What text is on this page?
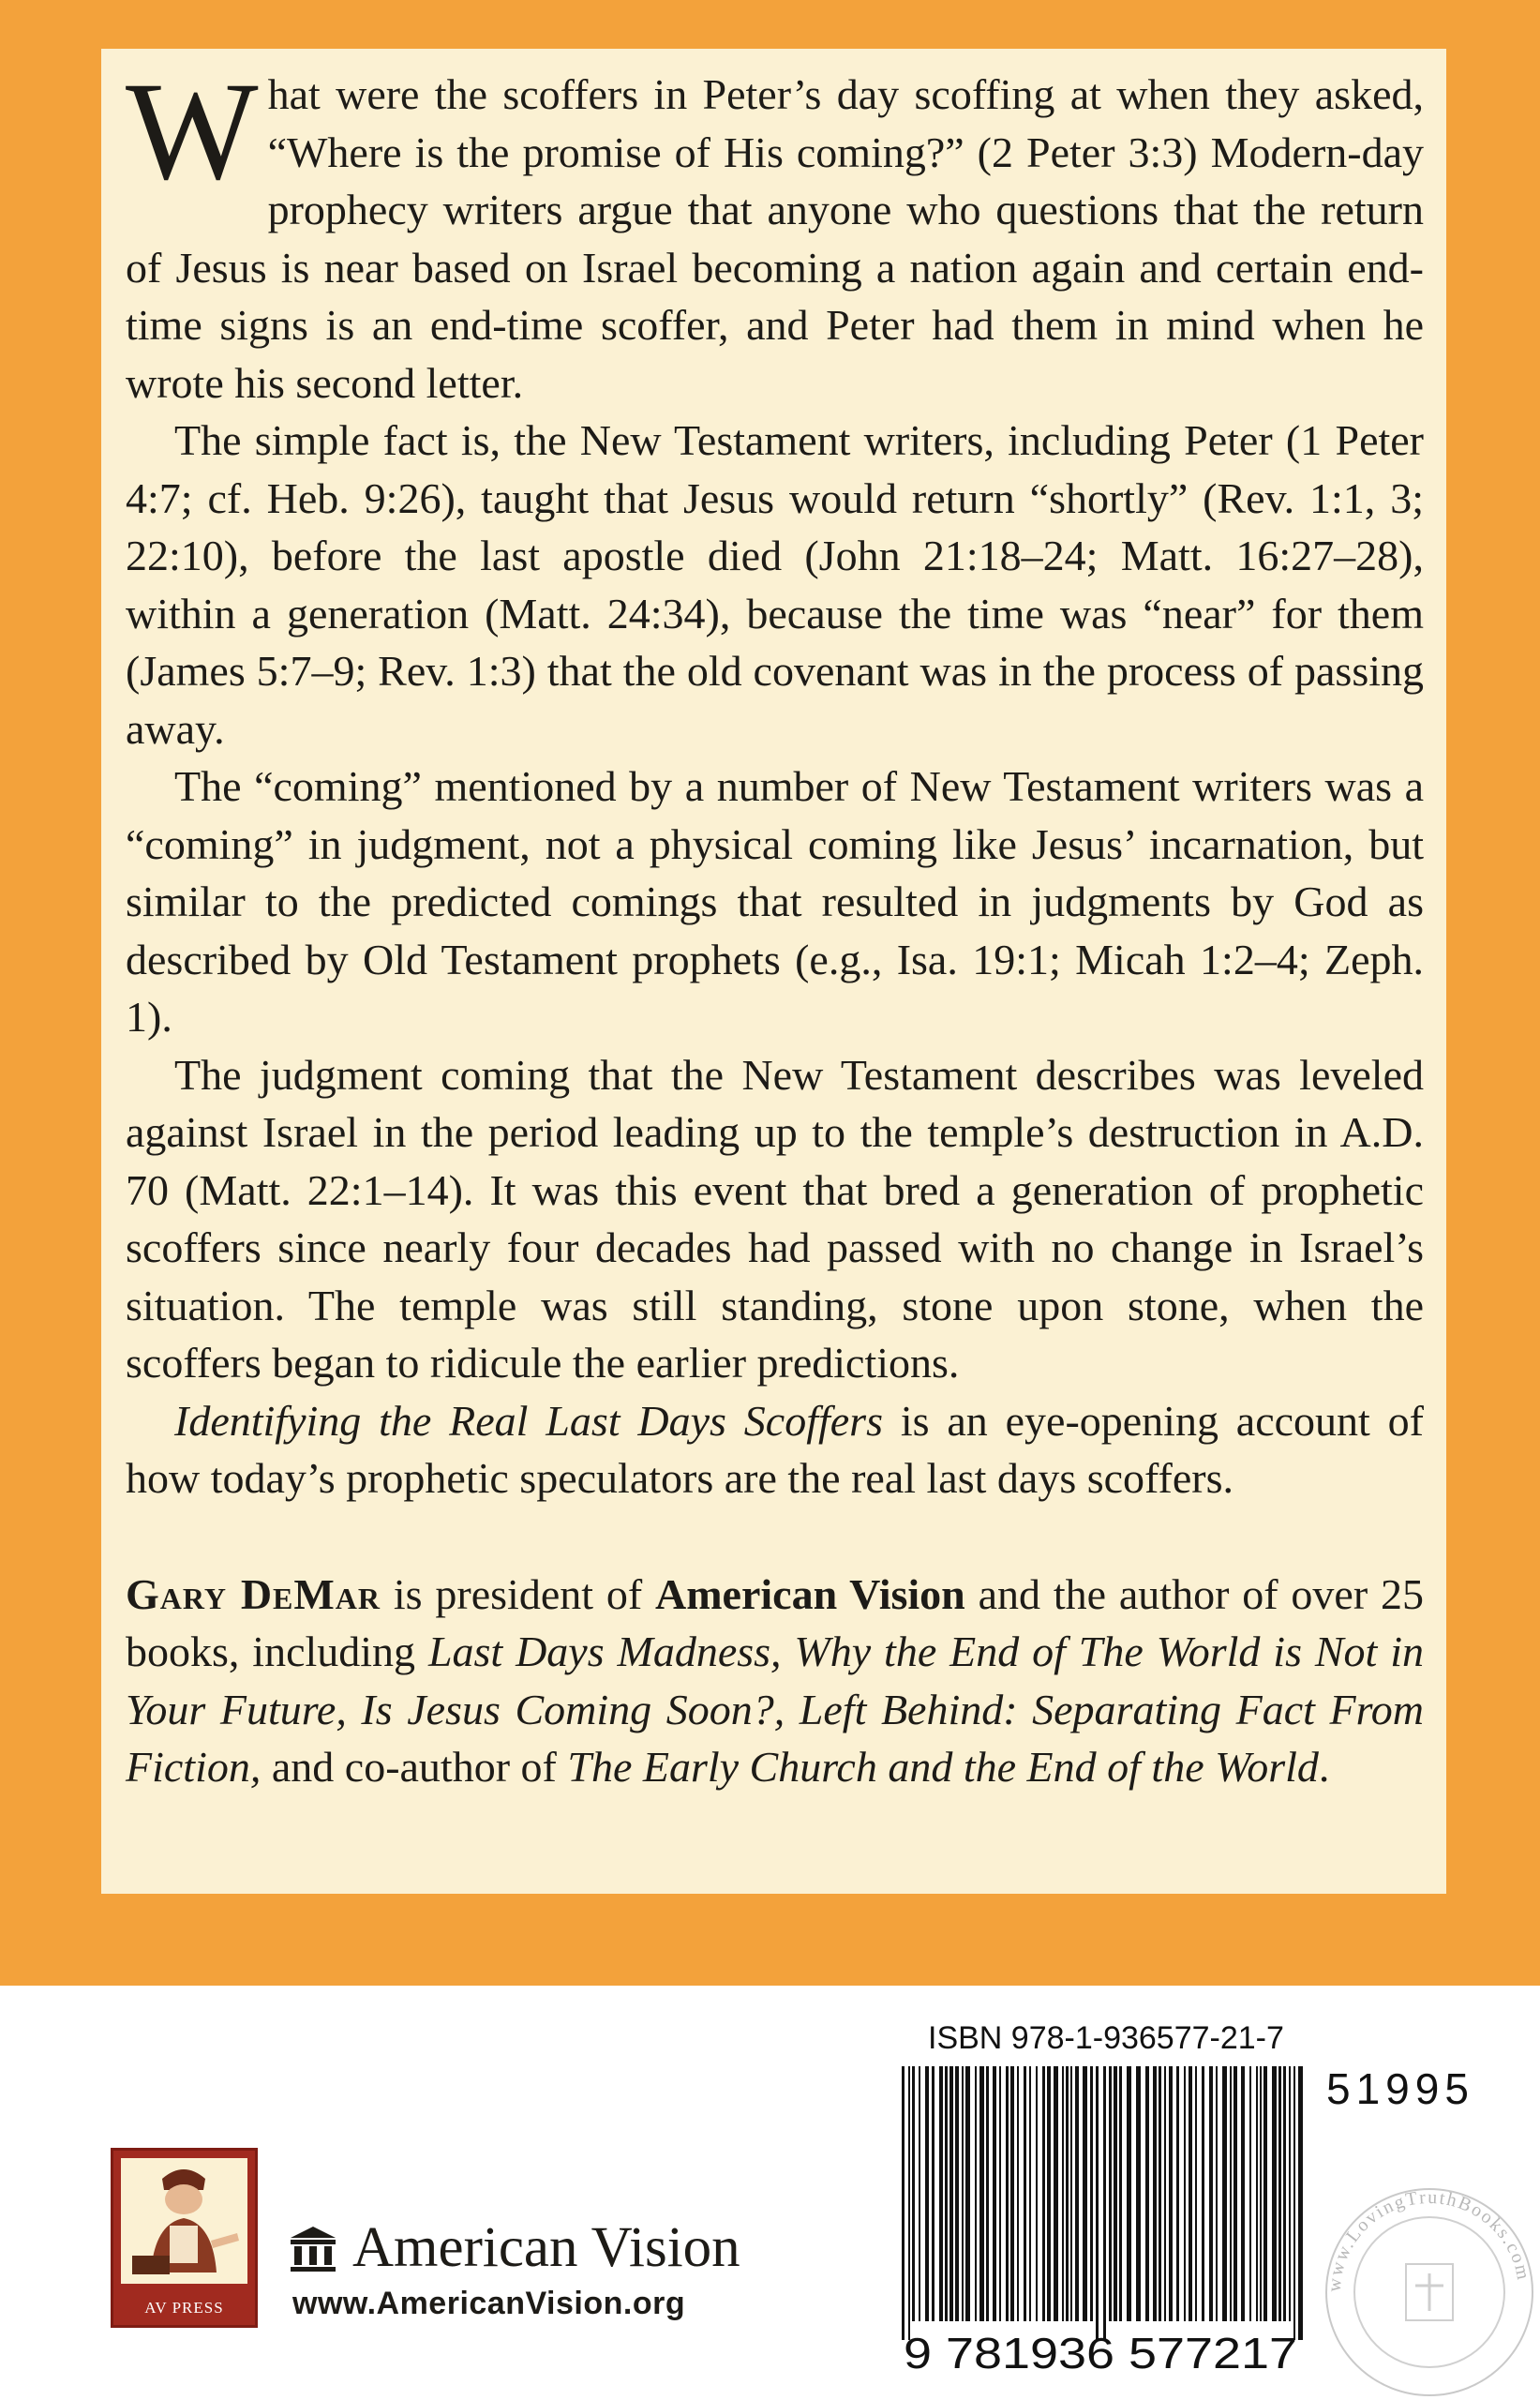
What were the scoffers in Peter’s day scoffing at when they asked, “Where is the promise of His coming?” (2 Peter 3:3) Modern-day prophecy writers argue that anyone who questions that the return of Jesus is near based on Israel becoming a nation again and certain end-time signs is an end-time scoffer, and Peter had them in mind when he wrote his second letter.

The simple fact is, the New Testament writers, including Peter (1 Peter 4:7; cf. Heb. 9:26), taught that Jesus would return “shortly” (Rev. 1:1, 3; 22:10), before the last apostle died (John 21:18–24; Matt. 16:27–28), within a generation (Matt. 24:34), because the time was “near” for them (James 5:7–9; Rev. 1:3) that the old covenant was in the process of passing away.

The “coming” mentioned by a number of New Testament writers was a “coming” in judgment, not a physical coming like Jesus’ incarnation, but similar to the predicted comings that resulted in judgments by God as described by Old Testament prophets (e.g., Isa. 19:1; Micah 1:2–4; Zeph. 1).

The judgment coming that the New Testament describes was leveled against Israel in the period leading up to the temple’s destruction in A.D. 70 (Matt. 22:1–14). It was this event that bred a generation of prophetic scoffers since nearly four decades had passed with no change in Israel’s situation. The temple was still standing, stone upon stone, when the scoffers began to ridicule the earlier predictions.

Identifying the Real Last Days Scoffers is an eye-opening account of how today’s prophetic speculators are the real last days scoffers.

Gary DeMar is president of American Vision and the author of over 25 books, including Last Days Madness, Why the End of The World is Not in Your Future, Is Jesus Coming Soon?, Left Behind: Separating Fact From Fiction, and co-author of The Early Church and the End of the World.

AV PRESS
American Vision
www.AmericanVision.org
ISBN 978-1-936577-21-7
51995
9 781936 577217
www.LovingTruthBooks.com
